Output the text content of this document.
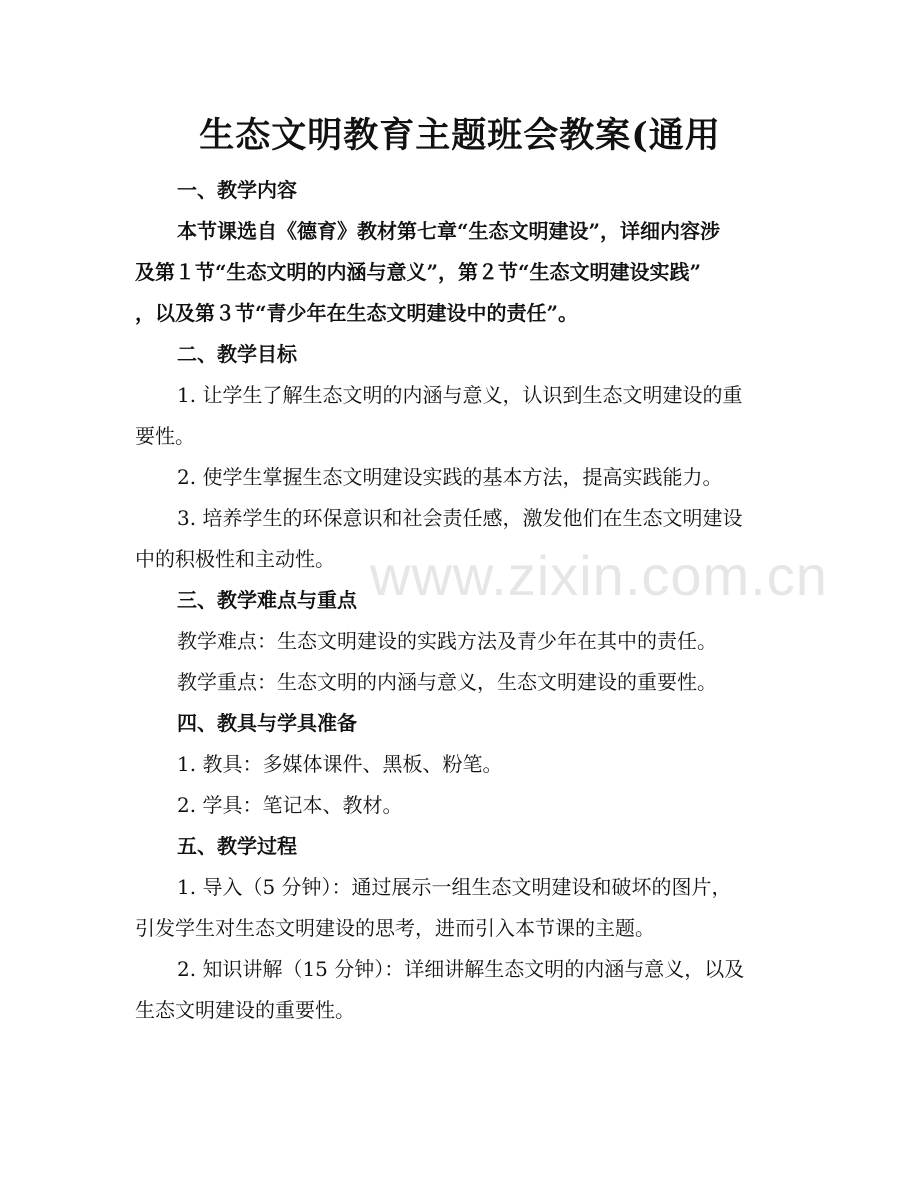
www.zixin.com.cn
生态文明教育主题班会教案(通用
一、教学内容
本节课选自《德育》教材第七章“生态文明建设”，详细内容涉
及第１节“生态文明的内涵与意义”，第２节“生态文明建设实践”
，以及第３节“青少年在生态文明建设中的责任”。
二、教学目标
1. 让学生了解生态文明的内涵与意义，认识到生态文明建设的重
要性。
2. 使学生掌握生态文明建设实践的基本方法，提高实践能力。
3. 培养学生的环保意识和社会责任感，激发他们在生态文明建设
中的积极性和主动性。
三、教学难点与重点
教学难点：生态文明建设的实践方法及青少年在其中的责任。
教学重点：生态文明的内涵与意义，生态文明建设的重要性。
四、教具与学具准备
1. 教具：多媒体课件、黑板、粉笔。
2. 学具：笔记本、教材。
五、教学过程
1. 导入（5 分钟）：通过展示一组生态文明建设和破坏的图片，
引发学生对生态文明建设的思考，进而引入本节课的主题。
2. 知识讲解（15 分钟）：详细讲解生态文明的内涵与意义，以及
生态文明建设的重要性。
